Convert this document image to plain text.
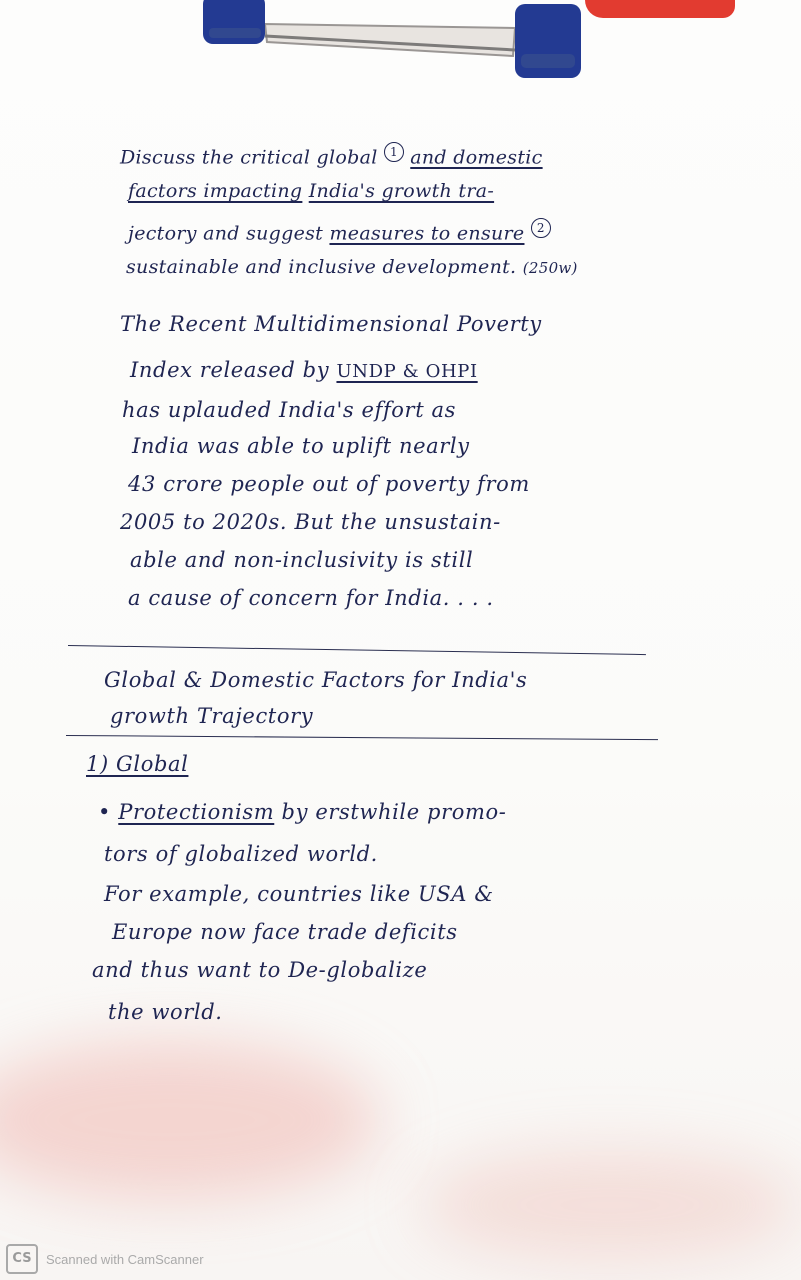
Discuss the critical global 1 and domestic
factors impacting India's growth tra-
jectory and suggest measures to ensure 2
sustainable and inclusive development. (250w)
The Recent Multidimensional Poverty
Index released by UNDP & OHPI
has uplauded India's effort as
India was able to uplift nearly
43 crore people out of poverty from
2005 to 2020s. But the unsustain-
able and non-inclusivity is still
a cause of concern for India. . . .
Global & Domestic Factors for India's
growth Trajectory
1) Global
• Protectionism by erstwhile promo-
tors of globalized world.
For example, countries like USA &
Europe now face trade deficits
and thus want to De-globalize
the world.
CS	Scanned with CamScanner
